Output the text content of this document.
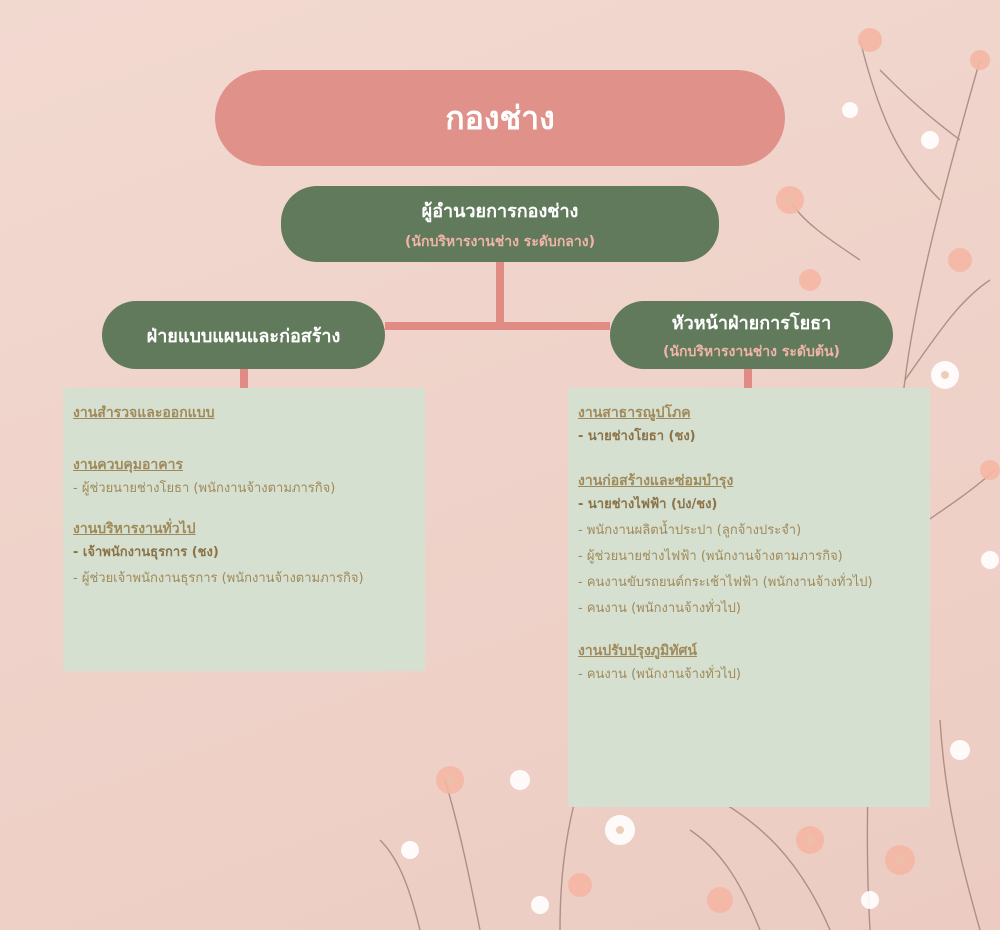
กองช่าง
ผู้อำนวยการกองช่าง
(นักบริหารงานช่าง ระดับกลาง)
ฝ่ายแบบแผนและก่อสร้าง
หัวหน้าฝ่ายการโยธา
(นักบริหารงานช่าง ระดับต้น)
งานสำรวจและออกแบบ
งานควบคุมอาคาร
- ผู้ช่วยนายช่างโยธา (พนักงานจ้างตามภารกิจ)
งานบริหารงานทั่วไป
- เจ้าพนักงานธุรการ (ชง)
- ผู้ช่วยเจ้าพนักงานธุรการ (พนักงานจ้างตามภารกิจ)
งานสาธารณูปโภค
- นายช่างโยธา (ชง)
งานก่อสร้างและซ่อมบำรุง
- นายช่างไฟฟ้า (ปง/ชง)
- พนักงานผลิตน้ำประปา (ลูกจ้างประจำ)
- ผู้ช่วยนายช่างไฟฟ้า (พนักงานจ้างตามภารกิจ)
- คนงานขับรถยนต์กระเช้าไฟฟ้า (พนักงานจ้างทั่วไป)
- คนงาน (พนักงานจ้างทั่วไป)
งานปรับปรุงภูมิทัศน์
- คนงาน (พนักงานจ้างทั่วไป)
